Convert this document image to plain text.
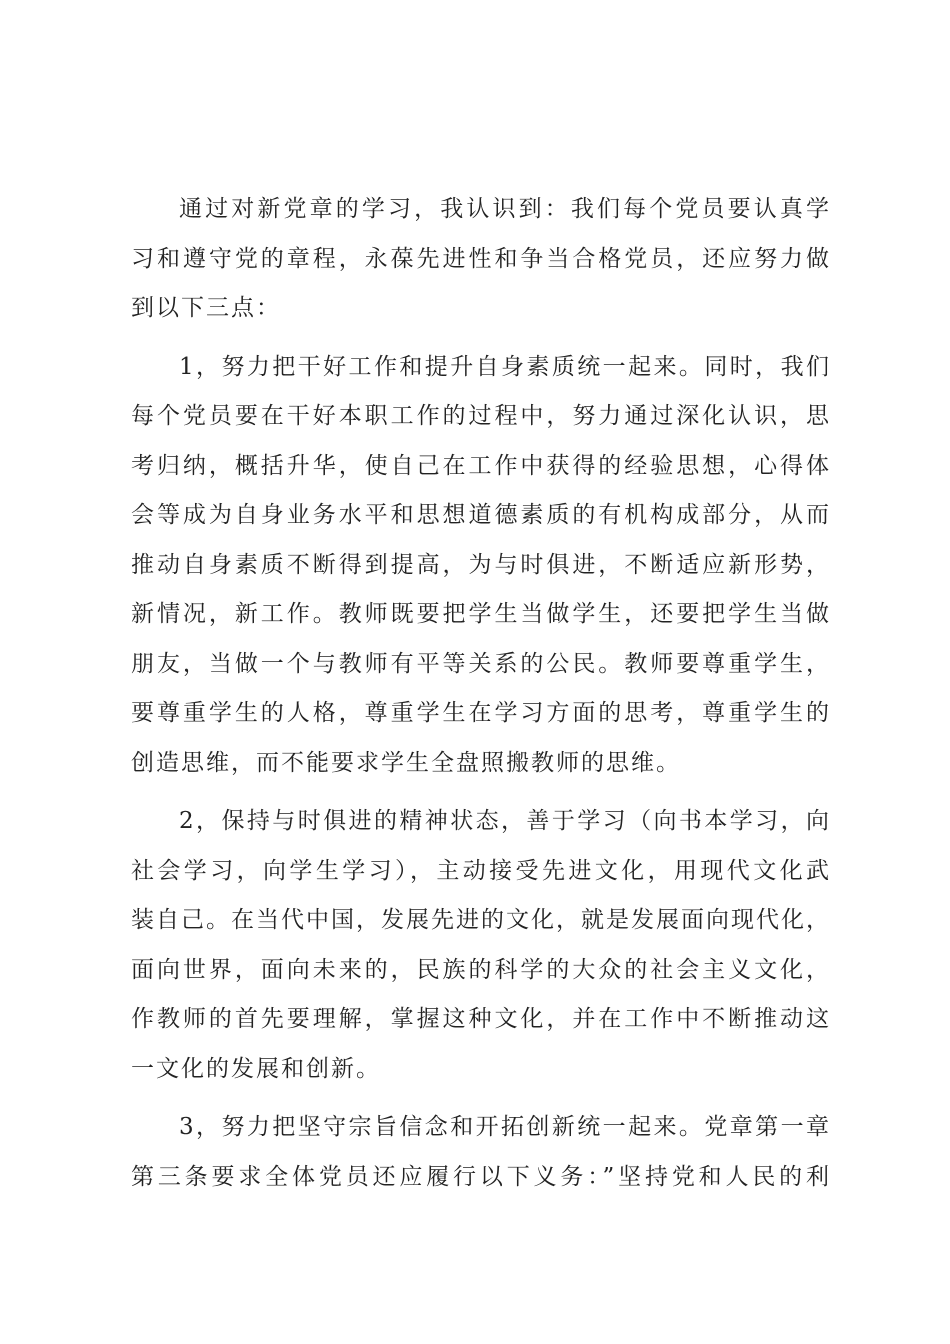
通过对新党章的学习，我认识到：我们每个党员要认真学
习和遵守党的章程，永葆先进性和争当合格党员，还应努力做
到以下三点：
1，努力把干好工作和提升自身素质统一起来。同时，我们
每个党员要在干好本职工作的过程中，努力通过深化认识，思
考归纳，概括升华，使自己在工作中获得的经验思想，心得体
会等成为自身业务水平和思想道德素质的有机构成部分，从而
推动自身素质不断得到提高，为与时俱进，不断适应新形势，
新情况，新工作。教师既要把学生当做学生，还要把学生当做
朋友，当做一个与教师有平等关系的公民。教师要尊重学生，
要尊重学生的人格，尊重学生在学习方面的思考，尊重学生的
创造思维，而不能要求学生全盘照搬教师的思维。
2，保持与时俱进的精神状态，善于学习（向书本学习，向
社会学习，向学生学习），主动接受先进文化，用现代文化武
装自己。在当代中国，发展先进的文化，就是发展面向现代化，
面向世界，面向未来的，民族的科学的大众的社会主义文化，
作教师的首先要理解，掌握这种文化，并在工作中不断推动这
一文化的发展和创新。
3，努力把坚守宗旨信念和开拓创新统一起来。党章第一章
第三条要求全体党员还应履行以下义务：”坚持党和人民的利
